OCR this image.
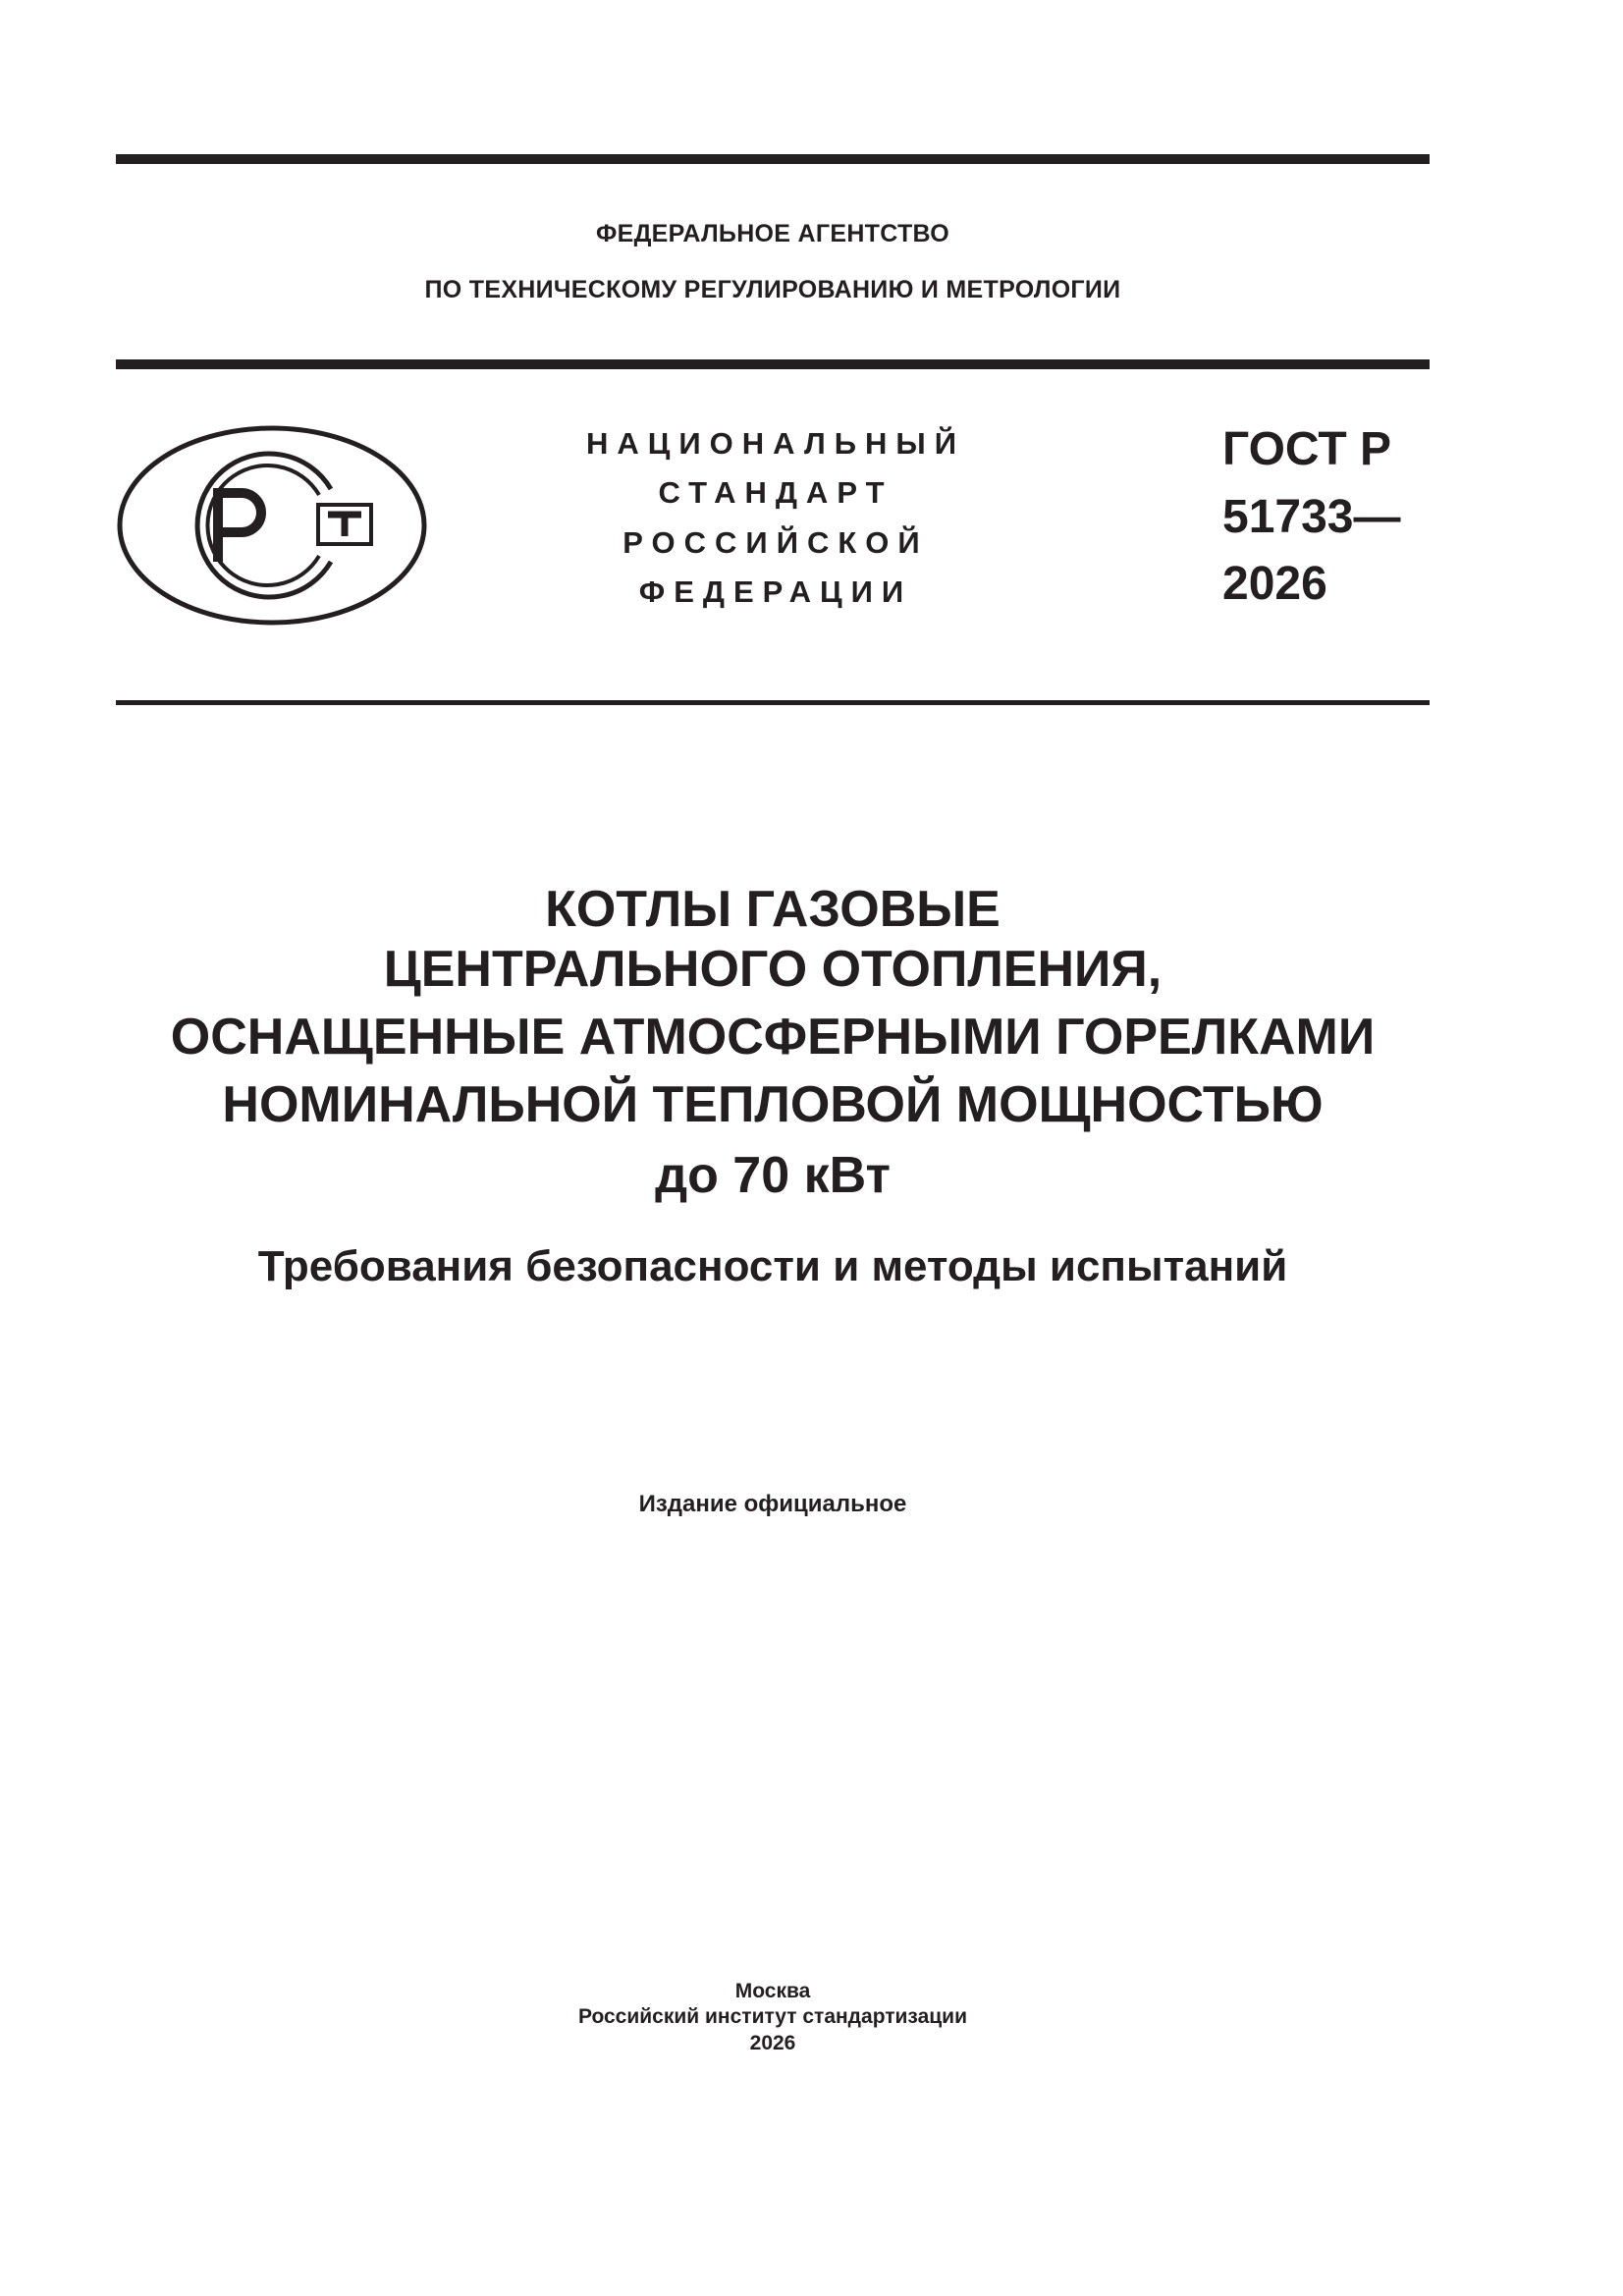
ФЕДЕРАЛЬНОЕ АГЕНТСТВО
ПО ТЕХНИЧЕСКОМУ РЕГУЛИРОВАНИЮ И МЕТРОЛОГИИ
НАЦИОНАЛЬНЫЙ
СТАНДАРТ
РОССИЙСКОЙ
ФЕДЕРАЦИИ
ГОСТ Р
51733—
2026
КОТЛЫ ГАЗОВЫЕ
ЦЕНТРАЛЬНОГО ОТОПЛЕНИЯ,
ОСНАЩЕННЫЕ АТМОСФЕРНЫМИ ГОРЕЛКАМИ
НОМИНАЛЬНОЙ ТЕПЛОВОЙ МОЩНОСТЬЮ
до 70 кВт
Требования безопасности и методы испытаний
Издание официальное
Москва
Российский институт стандартизации
2026
